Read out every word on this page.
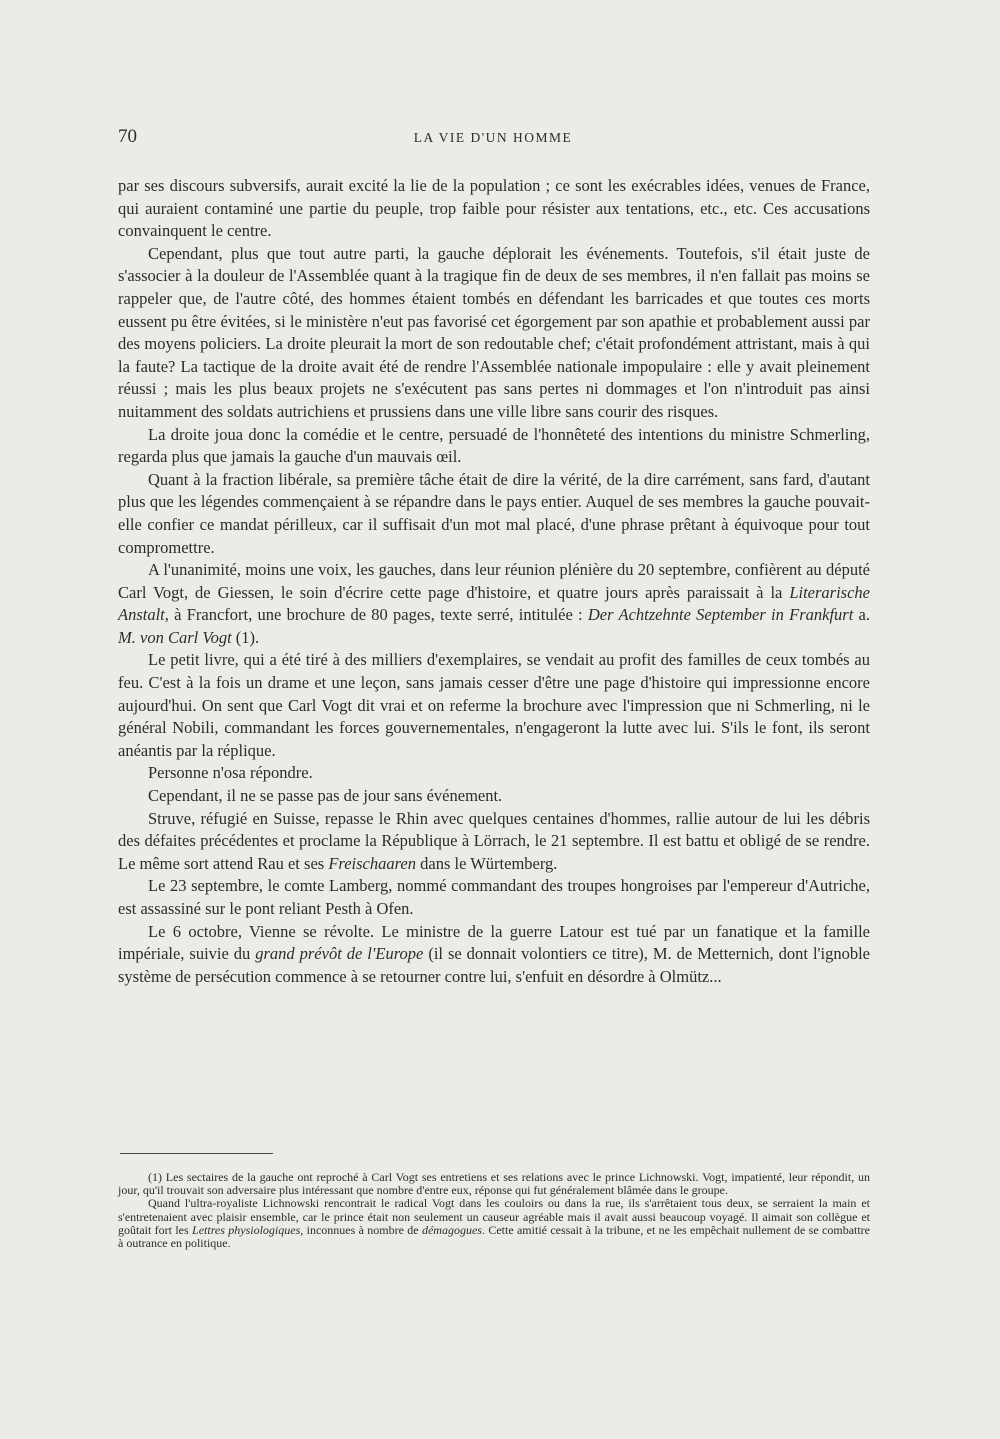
70	LA VIE D'UN HOMME

par ses discours subversifs, aurait excité la lie de la population ; ce sont les exécrables idées, venues de France, qui auraient contaminé une partie du peuple, trop faible pour résister aux tentations, etc., etc. Ces accusations convainquent le centre.

Cependant, plus que tout autre parti, la gauche déplorait les événements. Toutefois, s'il était juste de s'associer à la douleur de l'Assemblée quant à la tragique fin de deux de ses membres, il n'en fallait pas moins se rappeler que, de l'autre côté, des hommes étaient tombés en défendant les barricades et que toutes ces morts eussent pu être évitées, si le ministère n'eut pas favorisé cet égorgement par son apathie et probablement aussi par des moyens policiers. La droite pleurait la mort de son redoutable chef; c'était profondément attristant, mais à qui la faute? La tactique de la droite avait été de rendre l'Assemblée nationale impopulaire : elle y avait pleinement réussi ; mais les plus beaux projets ne s'exécutent pas sans pertes ni dommages et l'on n'introduit pas ainsi nuitamment des soldats autrichiens et prussiens dans une ville libre sans courir des risques.

La droite joua donc la comédie et le centre, persuadé de l'honnêteté des intentions du ministre Schmerling, regarda plus que jamais la gauche d'un mauvais œil.

Quant à la fraction libérale, sa première tâche était de dire la vérité, de la dire carrément, sans fard, d'autant plus que les légendes commençaient à se répandre dans le pays entier. Auquel de ses membres la gauche pouvait-elle confier ce mandat périlleux, car il suffisait d'un mot mal placé, d'une phrase prêtant à équivoque pour tout compromettre.

A l'unanimité, moins une voix, les gauches, dans leur réunion plénière du 20 septembre, confièrent au député Carl Vogt, de Giessen, le soin d'écrire cette page d'histoire, et quatre jours après paraissait à la Literarische Anstalt, à Francfort, une brochure de 80 pages, texte serré, intitulée : Der Achtzehnte September in Frankfurt a. M. von Carl Vogt (1).

Le petit livre, qui a été tiré à des milliers d'exemplaires, se vendait au profit des familles de ceux tombés au feu. C'est à la fois un drame et une leçon, sans jamais cesser d'être une page d'histoire qui impressionne encore aujourd'hui. On sent que Carl Vogt dit vrai et on referme la brochure avec l'impression que ni Schmerling, ni le général Nobili, commandant les forces gouvernementales, n'engageront la lutte avec lui. S'ils le font, ils seront anéantis par la réplique.

Personne n'osa répondre.

Cependant, il ne se passe pas de jour sans événement.

Struve, réfugié en Suisse, repasse le Rhin avec quelques centaines d'hommes, rallie autour de lui les débris des défaites précédentes et proclame la République à Lörrach, le 21 septembre. Il est battu et obligé de se rendre. Le même sort attend Rau et ses Freischaaren dans le Würtemberg.

Le 23 septembre, le comte Lamberg, nommé commandant des troupes hongroises par l'empereur d'Autriche, est assassiné sur le pont reliant Pesth à Ofen.

Le 6 octobre, Vienne se révolte. Le ministre de la guerre Latour est tué par un fanatique et la famille impériale, suivie du grand prévôt de l'Europe (il se donnait volontiers ce titre), M. de Metternich, dont l'ignoble système de persécution commence à se retourner contre lui, s'enfuit en désordre à Olmütz...

(1) Les sectaires de la gauche ont reproché à Carl Vogt ses entretiens et ses relations avec le prince Lichnowski. Vogt, impatienté, leur répondit, un jour, qu'il trouvait son adversaire plus intéressant que nombre d'entre eux, réponse qui fut généralement blâmée dans le groupe.

Quand l'ultra-royaliste Lichnowski rencontrait le radical Vogt dans les couloirs ou dans la rue, ils s'arrêtaient tous deux, se serraient la main et s'entretenaient avec plaisir ensemble, car le prince était non seulement un causeur agréable mais il avait aussi beaucoup voyagé. Il aimait son collègue et goûtait fort les Lettres physiologiques, inconnues à nombre de démagogues. Cette amitié cessait à la tribune, et ne les empêchait nullement de se combattre à outrance en politique.
